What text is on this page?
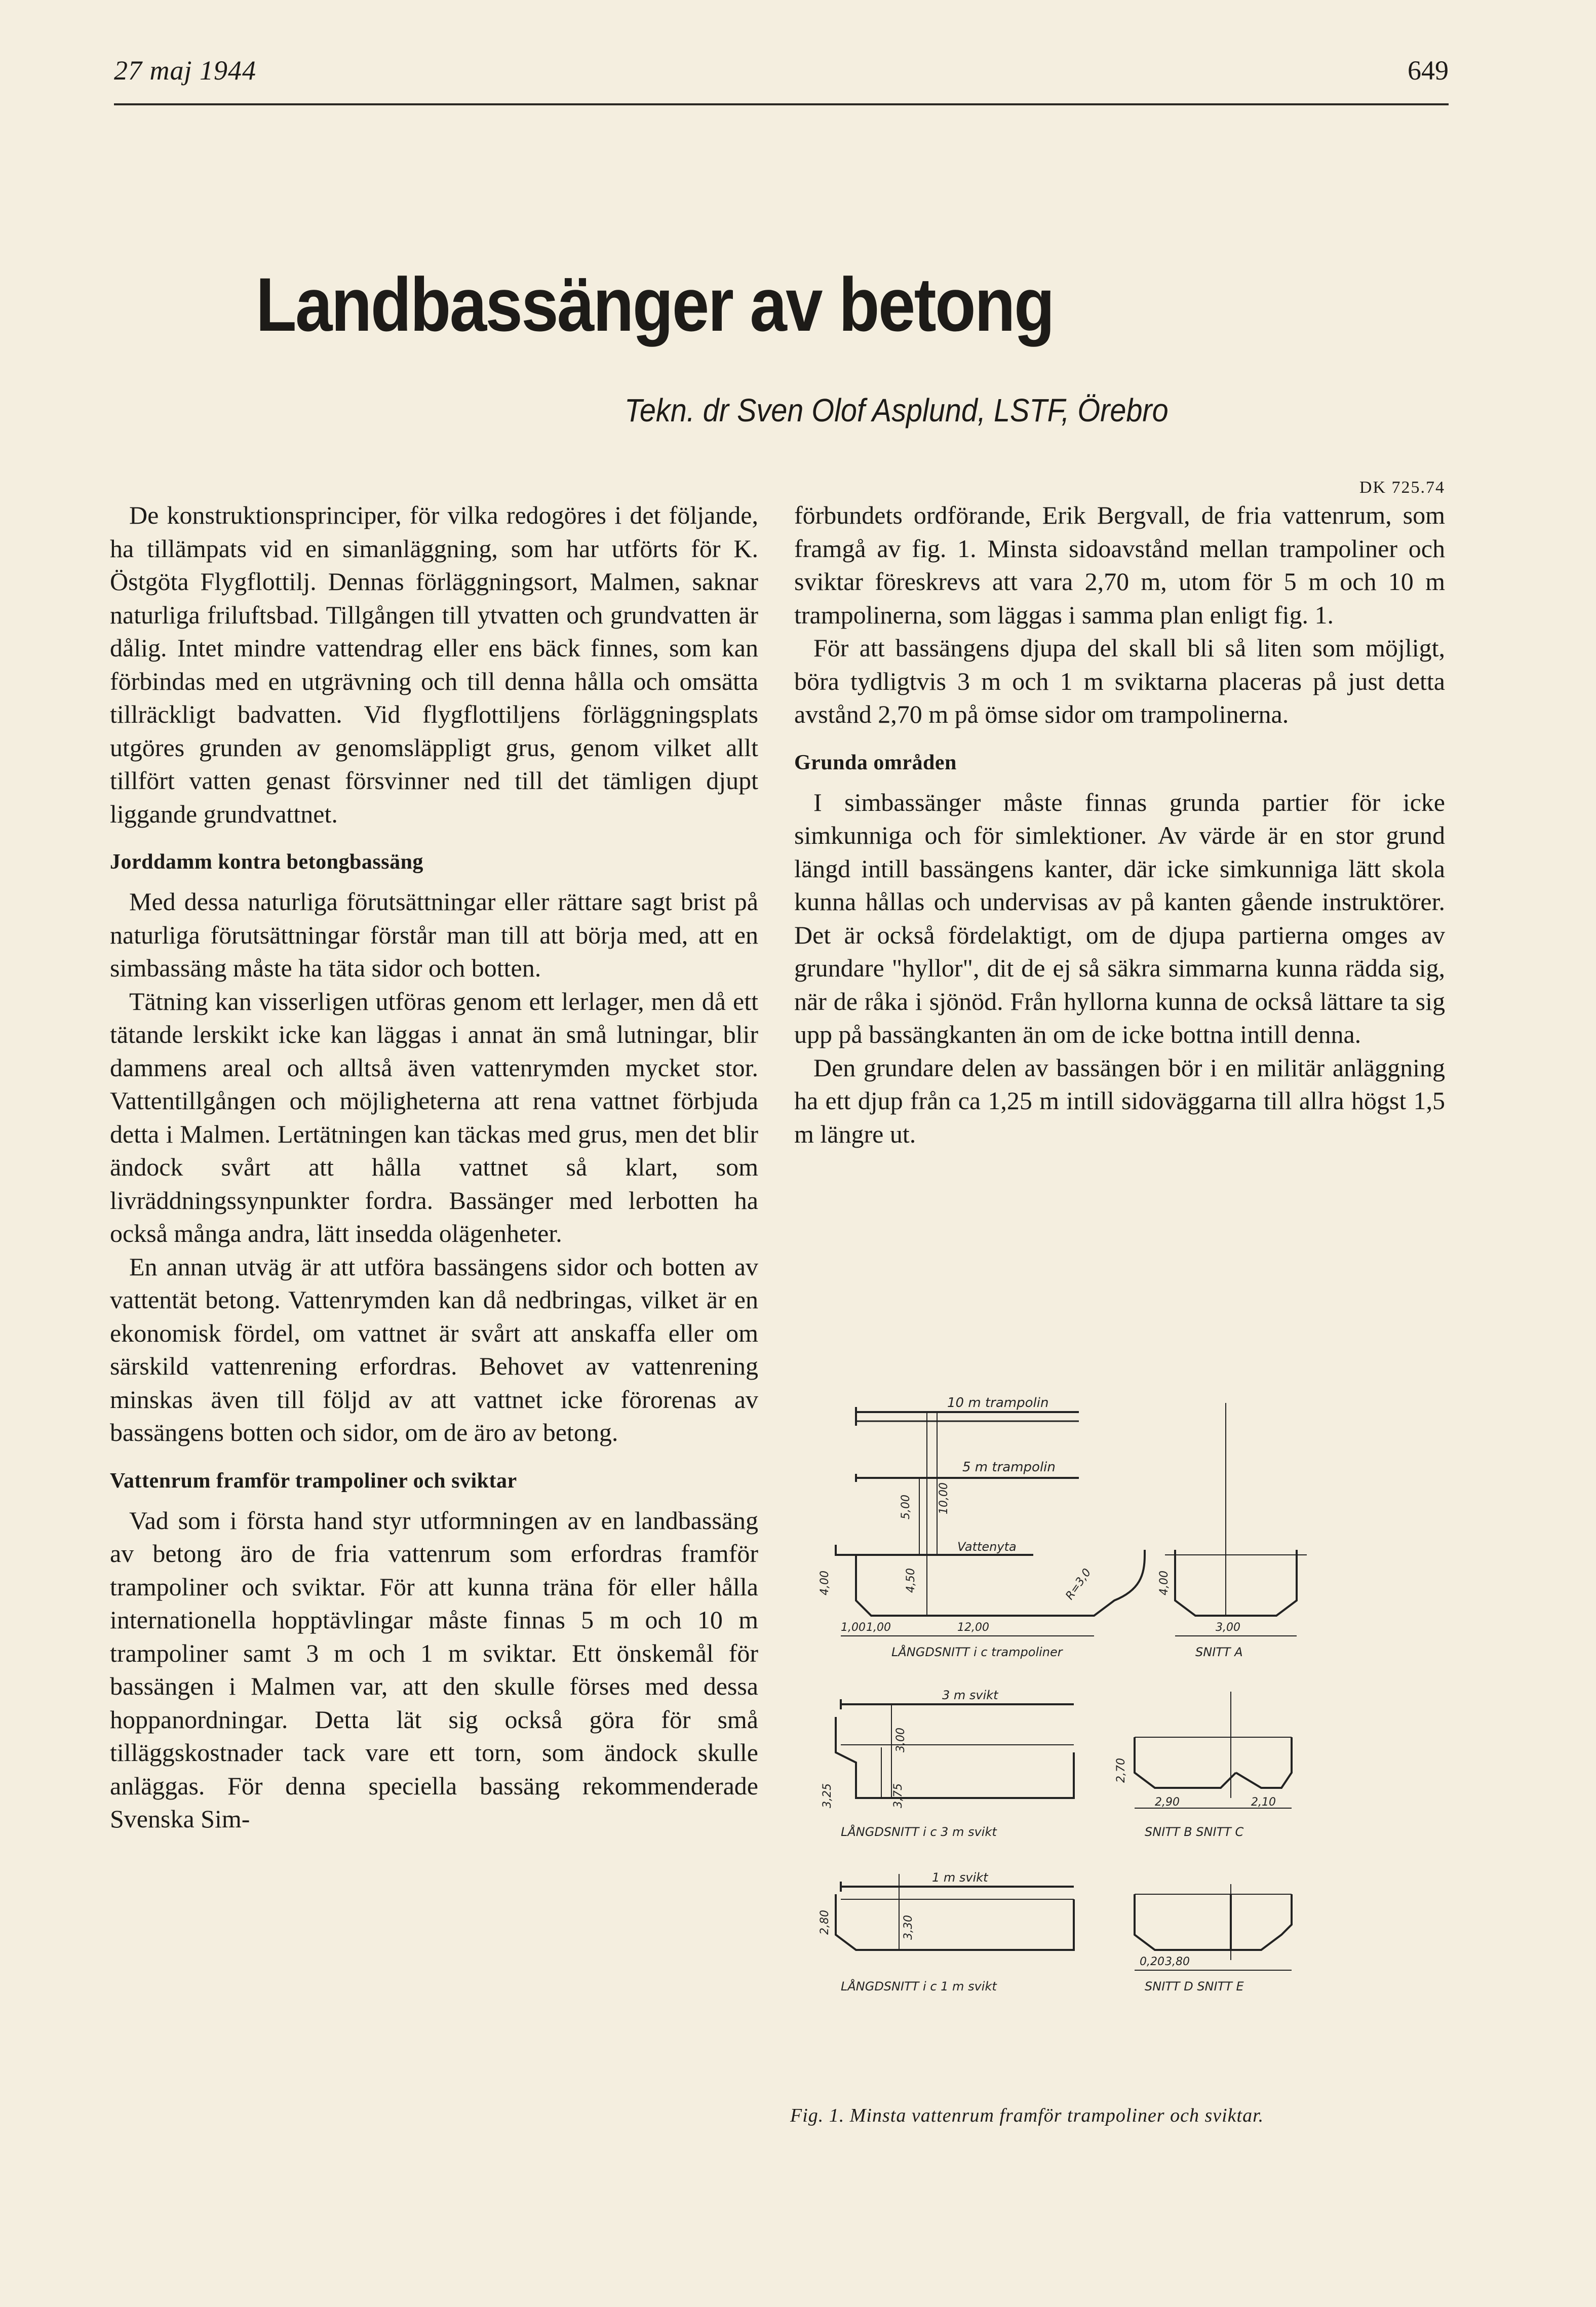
27 maj 1944	649
Landbassänger av betong
Tekn. dr Sven Olof Asplund, LSTF, Örebro

De konstruktionsprinciper, för vilka redogöres i det följande, ha tillämpats vid en simanläggning, som har utförts för K. Östgöta Flygflottilj. Dennas förläggningsort, Malmen, saknar naturliga friluftsbad. Tillgången till ytvatten och grundvatten är dålig. Intet mindre vattendrag eller ens bäck finnes, som kan förbindas med en utgrävning och till denna hålla och omsätta tillräckligt badvatten. Vid flygflottiljens förläggningsplats utgöres grunden av genomsläppligt grus, genom vilket allt tillfört vatten genast försvinner ned till det tämligen djupt liggande grundvattnet.

Jorddamm kontra betongbassäng

Med dessa naturliga förutsättningar eller rättare sagt brist på naturliga förutsättningar förstår man till att börja med, att en simbassäng måste ha täta sidor och botten.

Tätning kan visserligen utföras genom ett lerlager, men då ett tätande lerskikt icke kan läggas i annat än små lutningar, blir dammens areal och alltså även vattenrymden mycket stor. Vattentillgången och möjligheterna att rena vattnet förbjuda detta i Malmen. Lertätningen kan täckas med grus, men det blir ändock svårt att hålla vattnet så klart, som livräddningssynpunkter fordra. Bassänger med lerbotten ha också många andra, lätt insedda olägenheter.

En annan utväg är att utföra bassängens sidor och botten av vattentät betong. Vattenrymden kan då nedbringas, vilket är en ekonomisk fördel, om vattnet är svårt att anskaffa eller om särskild vattenrening erfordras. Behovet av vattenrening minskas även till följd av att vattnet icke förorenas av bassängens botten och sidor, om de äro av betong.

Vattenrum framför trampoliner och sviktar

Vad som i första hand styr utformningen av en landbassäng av betong äro de fria vattenrum som erfordras framför trampoliner och sviktar. För att kunna träna för eller hålla internationella hopptävlingar måste finnas 5 m och 10 m trampoliner samt 3 m och 1 m sviktar. Ett önskemål för bassängen i Malmen var, att den skulle förses med dessa hoppanordningar. Detta lät sig också göra för små tilläggskostnader tack vare ett torn, som ändock skulle anläggas. För denna speciella bassäng rekommenderade Svenska Sim-

DK 725.74

förbundets ordförande, Erik Bergvall, de fria vattenrum, som framgå av fig. 1. Minsta sidoavstånd mellan trampoliner och sviktar föreskrevs att vara 2,70 m, utom för 5 m och 10 m trampolinerna, som läggas i samma plan enligt fig. 1.

För att bassängens djupa del skall bli så liten som möjligt, böra tydligtvis 3 m och 1 m sviktarna placeras på just detta avstånd 2,70 m på ömse sidor om trampolinerna.

Grunda områden

I simbassänger måste finnas grunda partier för icke simkunniga och för simlektioner. Av värde är en stor grund längd intill bassängens kanter, där icke simkunniga lätt skola kunna hållas och undervisas av på kanten gående instruktörer. Det är också fördelaktigt, om de djupa partierna omges av grundare "hyllor", dit de ej så säkra simmarna kunna rädda sig, när de råka i sjönöd. Från hyllorna kunna de också lättare ta sig upp på bassängkanten än om de icke bottna intill denna.

Den grundare delen av bassängen bör i en militär anläggning ha ett djup från ca 1,25 m intill sidoväggarna till allra högst 1,5 m längre ut.

10 m trampolin
5 m trampolin
Vattenyta
5,00 10,00
4,50
4,00	4,00
R=3,0
1,00 1,00	12,00	3,00
LÅNGDSNITT i c trampoliner	SNITT A
3 m svikt
3,00
3,25	3,75	2,90	2,10
2,70
LÅNGDSNITT i c 3 m svikt	SNITT B SNITT C
1 m svikt
2,80	3,30
3,80
0,20
LÅNGDSNITT i c 1 m svikt	SNITT D SNITT E
Fig. 1. Minsta vattenrum framför trampoliner och sviktar.
